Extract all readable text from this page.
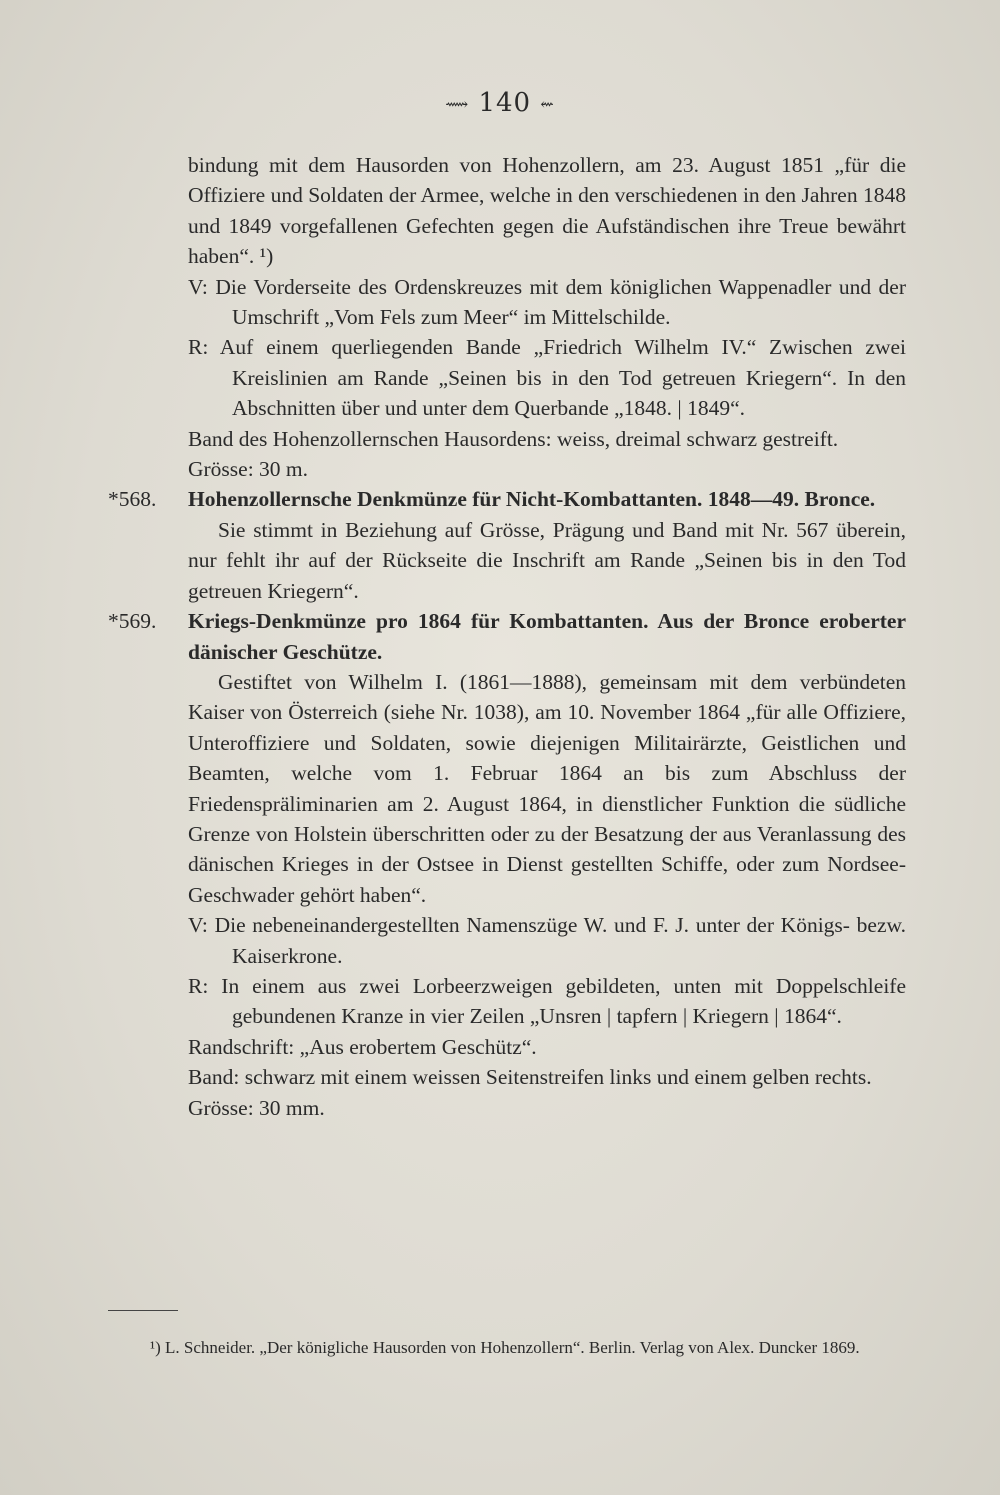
⟿ 140 ⇜

bindung mit dem Hausorden von Hohenzollern, am 23. August 1851 „für die Offiziere und Soldaten der Armee, welche in den verschiedenen in den Jahren 1848 und 1849 vorgefallenen Gefechten gegen die Aufständischen ihre Treue bewährt haben“. ¹)

V: Die Vorderseite des Ordenskreuzes mit dem königlichen Wappenadler und der Umschrift „Vom Fels zum Meer“ im Mittelschilde.

R: Auf einem querliegenden Bande „Friedrich Wilhelm IV.“ Zwischen zwei Kreislinien am Rande „Seinen bis in den Tod getreuen Kriegern“. In den Abschnitten über und unter dem Querbande „1848. | 1849“.

Band des Hohenzollernschen Hausordens: weiss, dreimal schwarz gestreift.

Grösse: 30 m.

*568. Hohenzollernsche Denkmünze für Nicht-Kombattanten. 1848—49. Bronce.

Sie stimmt in Beziehung auf Grösse, Prägung und Band mit Nr. 567 überein, nur fehlt ihr auf der Rückseite die Inschrift am Rande „Seinen bis in den Tod getreuen Kriegern“.

*569. Kriegs-Denkmünze pro 1864 für Kombattanten. Aus der Bronce eroberter dänischer Geschütze.

Gestiftet von Wilhelm I. (1861—1888), gemeinsam mit dem verbündeten Kaiser von Österreich (siehe Nr. 1038), am 10. November 1864 „für alle Offiziere, Unteroffiziere und Soldaten, sowie diejenigen Militairärzte, Geistlichen und Beamten, welche vom 1. Februar 1864 an bis zum Abschluss der Friedenspräliminarien am 2. August 1864, in dienstlicher Funktion die südliche Grenze von Holstein überschritten oder zu der Besatzung der aus Veranlassung des dänischen Krieges in der Ostsee in Dienst gestellten Schiffe, oder zum Nordsee-Geschwader gehört haben“.

V: Die nebeneinandergestellten Namenszüge W. und F. J. unter der Königs- bezw. Kaiserkrone.

R: In einem aus zwei Lorbeerzweigen gebildeten, unten mit Doppelschleife gebundenen Kranze in vier Zeilen „Unsren | tapfern | Kriegern | 1864“.

Randschrift: „Aus erobertem Geschütz“.

Band: schwarz mit einem weissen Seitenstreifen links und einem gelben rechts.

Grösse: 30 mm.

¹) L. Schneider. „Der königliche Hausorden von Hohenzollern“. Berlin. Verlag von Alex. Duncker 1869.
